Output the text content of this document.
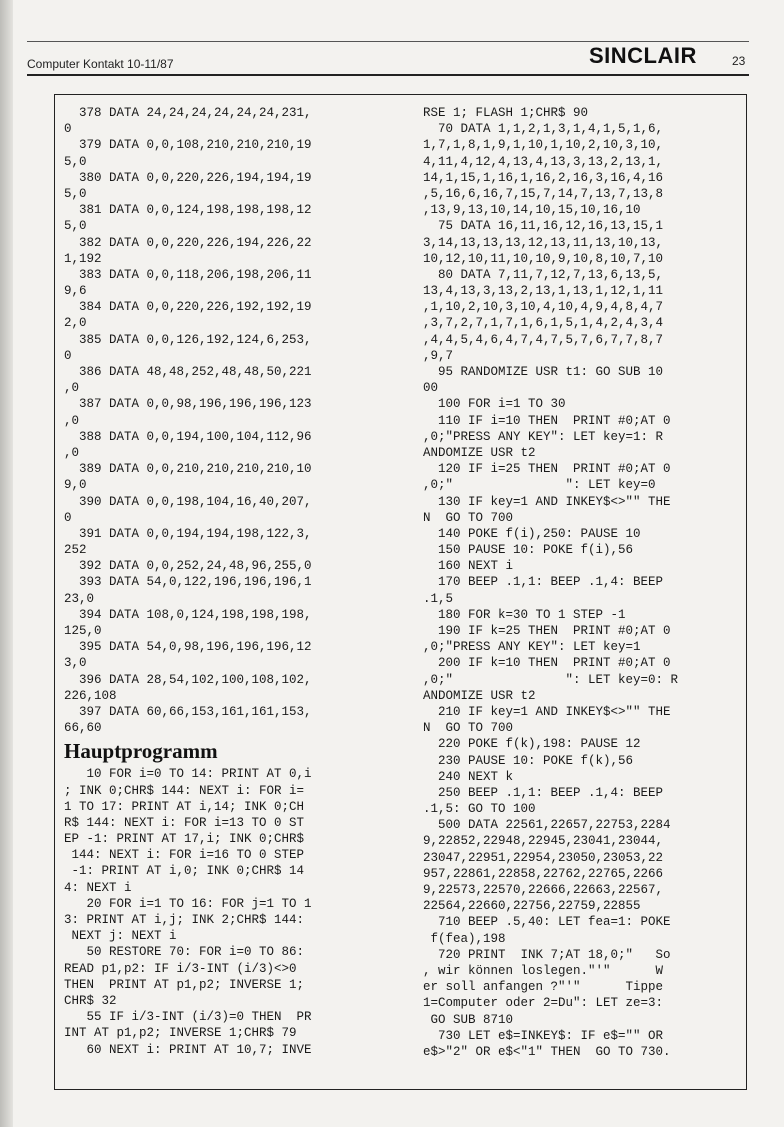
Computer Kontakt 10-11/87	SINCLAIR	23
378 DATA 24,24,24,24,24,24,231,
0
379 DATA 0,0,108,210,210,210,19
5,0
380 DATA 0,0,220,226,194,194,19
5,0
381 DATA 0,0,124,198,198,198,12
5,0
382 DATA 0,0,220,226,194,226,22
1,192
383 DATA 0,0,118,206,198,206,11
9,6
384 DATA 0,0,220,226,192,192,19
2,0
385 DATA 0,0,126,192,124,6,253,
0
386 DATA 48,48,252,48,48,50,221
,0
387 DATA 0,0,98,196,196,196,123
,0
388 DATA 0,0,194,100,104,112,96
,0
389 DATA 0,0,210,210,210,210,10
9,0
390 DATA 0,0,198,104,16,40,207,
0
391 DATA 0,0,194,194,198,122,3,
252
392 DATA 0,0,252,24,48,96,255,0
393 DATA 54,0,122,196,196,196,1
23,0
394 DATA 108,0,124,198,198,198,
125,0
395 DATA 54,0,98,196,196,196,12
3,0
396 DATA 28,54,102,100,108,102,
226,108
397 DATA 60,66,153,161,161,153,
66,60
Hauptprogramm
10 FOR i=0 TO 14: PRINT AT 0,i
; INK 0;CHR$ 144: NEXT i: FOR i=
1 TO 17: PRINT AT i,14; INK 0;CH
R$ 144: NEXT i: FOR i=13 TO 0 ST
EP -1: PRINT AT 17,i; INK 0;CHR$
144: NEXT i: FOR i=16 TO 0 STEP
-1: PRINT AT i,0; INK 0;CHR$ 14
4: NEXT i
20 FOR i=1 TO 16: FOR j=1 TO 1
3: PRINT AT i,j; INK 2;CHR$ 144:
NEXT j: NEXT i
50 RESTORE 70: FOR i=0 TO 86:
READ p1,p2: IF i/3-INT (i/3)<>0
THEN  PRINT AT p1,p2; INVERSE 1;
CHR$ 32
55 IF i/3-INT (i/3)=0 THEN  PR
INT AT p1,p2; INVERSE 1;CHR$ 79
60 NEXT i: PRINT AT 10,7; INVE
RSE 1; FLASH 1;CHR$ 90
70 DATA 1,1,2,1,3,1,4,1,5,1,6,
1,7,1,8,1,9,1,10,1,10,2,10,3,10,
4,11,4,12,4,13,4,13,3,13,2,13,1,
14,1,15,1,16,1,16,2,16,3,16,4,16
,5,16,6,16,7,15,7,14,7,13,7,13,8
,13,9,13,10,14,10,15,10,16,10
75 DATA 16,11,16,12,16,13,15,1
3,14,13,13,13,12,13,11,13,10,13,
10,12,10,11,10,10,9,10,8,10,7,10
80 DATA 7,11,7,12,7,13,6,13,5,
13,4,13,3,13,2,13,1,13,1,12,1,11
,1,10,2,10,3,10,4,10,4,9,4,8,4,7
,3,7,2,7,1,7,1,6,1,5,1,4,2,4,3,4
,4,4,5,4,6,4,7,4,7,5,7,6,7,7,8,7
,9,7
95 RANDOMIZE USR t1: GO SUB 10
00
100 FOR i=1 TO 30
110 IF i=10 THEN  PRINT #0;AT 0
,0;"PRESS ANY KEY": LET key=1: R
ANDOMIZE USR t2
120 IF i=25 THEN  PRINT #0;AT 0
,0;"               ": LET key=0
130 IF key=1 AND INKEY$<>"" THE
N  GO TO 700
140 POKE f(i),250: PAUSE 10
150 PAUSE 10: POKE f(i),56
160 NEXT i
170 BEEP .1,1: BEEP .1,4: BEEP
.1,5
180 FOR k=30 TO 1 STEP -1
190 IF k=25 THEN  PRINT #0;AT 0
,0;"PRESS ANY KEY": LET key=1
200 IF k=10 THEN  PRINT #0;AT 0
,0;"               ": LET key=0: R
ANDOMIZE USR t2
210 IF key=1 AND INKEY$<>"" THE
N  GO TO 700
220 POKE f(k),198: PAUSE 12
230 PAUSE 10: POKE f(k),56
240 NEXT k
250 BEEP .1,1: BEEP .1,4: BEEP
.1,5: GO TO 100
500 DATA 22561,22657,22753,2284
9,22852,22948,22945,23041,23044,
23047,22951,22954,23050,23053,22
957,22861,22858,22762,22765,2266
9,22573,22570,22666,22663,22567,
22564,22660,22756,22759,22855
710 BEEP .5,40: LET fea=1: POKE
f(fea),198
720 PRINT  INK 7;AT 18,0;"   So
, wir können loslegen."'"      W
er soll anfangen ?"'"      Tippe
1=Computer oder 2=Du": LET ze=3:
GO SUB 8710
730 LET e$=INKEY$: IF e$="" OR
e$>"2" OR e$<"1" THEN  GO TO 730.
